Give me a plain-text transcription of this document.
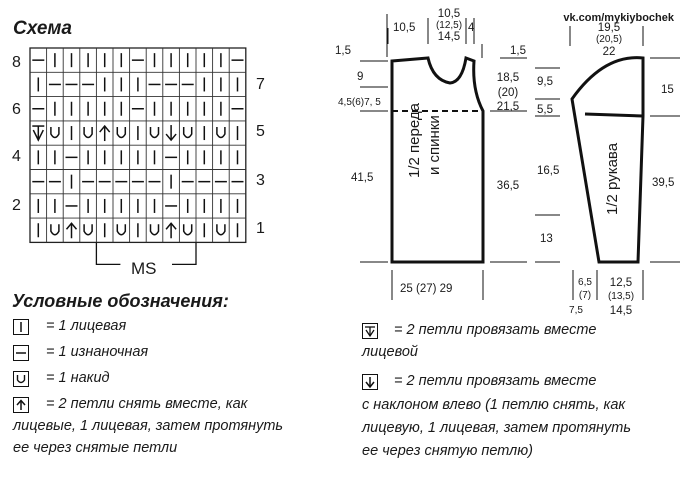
Схема	vk.com/mykiybochek
8
6
4
2
7
5
3
1
MS
Условные обозначения:
= 1 лицевая
= 1 изнаночная
= 1 накид
= 2 петли снять вместе, как
лицевые, 1 лицевая, затем протянуть
ее через снятые петли
= 2 петли провязать вместе
лицевой
= 2 петли провязать вместе
с наклоном влево (1 петлю снять, как
лицевую, 1 лицевая, затем протянуть
ее через снятую петлю)
10,5
10,5
(12,5)
14,5
4
1,5
9
4,5(6)7, 5
41,5
1,5
18,5
(20)
21,5
36,5
25 (27) 29
1/2 переда и спинки
19,5
(20,5)
22
9,5
5,5
16,5
13
15
39,5
6,5
(7)
7,5
12,5
(13,5)
14,5
1/2 рукава
